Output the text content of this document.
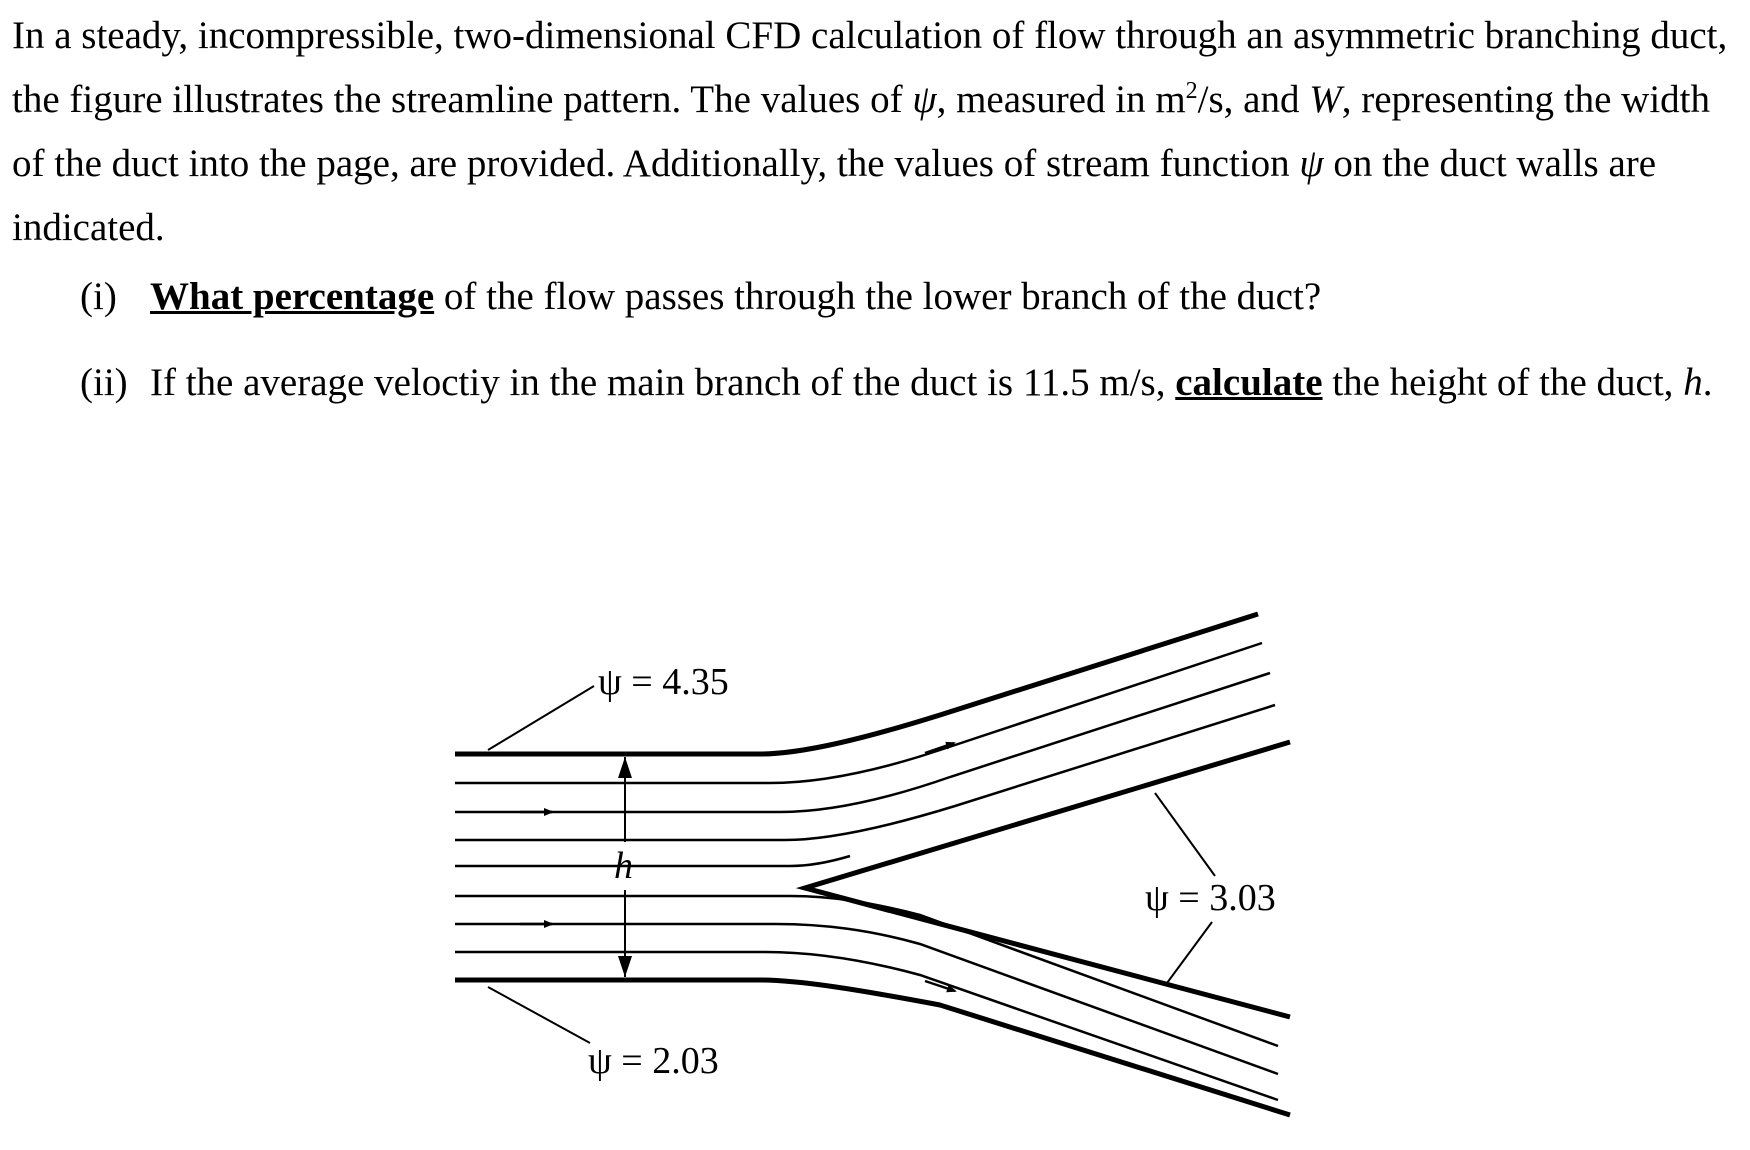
In a steady, incompressible, two-dimensional CFD calculation of flow through an asymmetric branching duct, the figure illustrates the streamline pattern. The values of ψ, measured in $m^2/s$, and W, representing the width of the duct into the page, are provided. Additionally, the values of stream function ψ on the duct walls are indicated.

(i) What percentage of the flow passes through the lower branch of the duct?
(ii) If the average veloctiy in the main branch of the duct is 11.5 m/s, calculate the height of the duct, h.
h
ψ = 4.35
ψ = 2.03
ψ = 3.03
